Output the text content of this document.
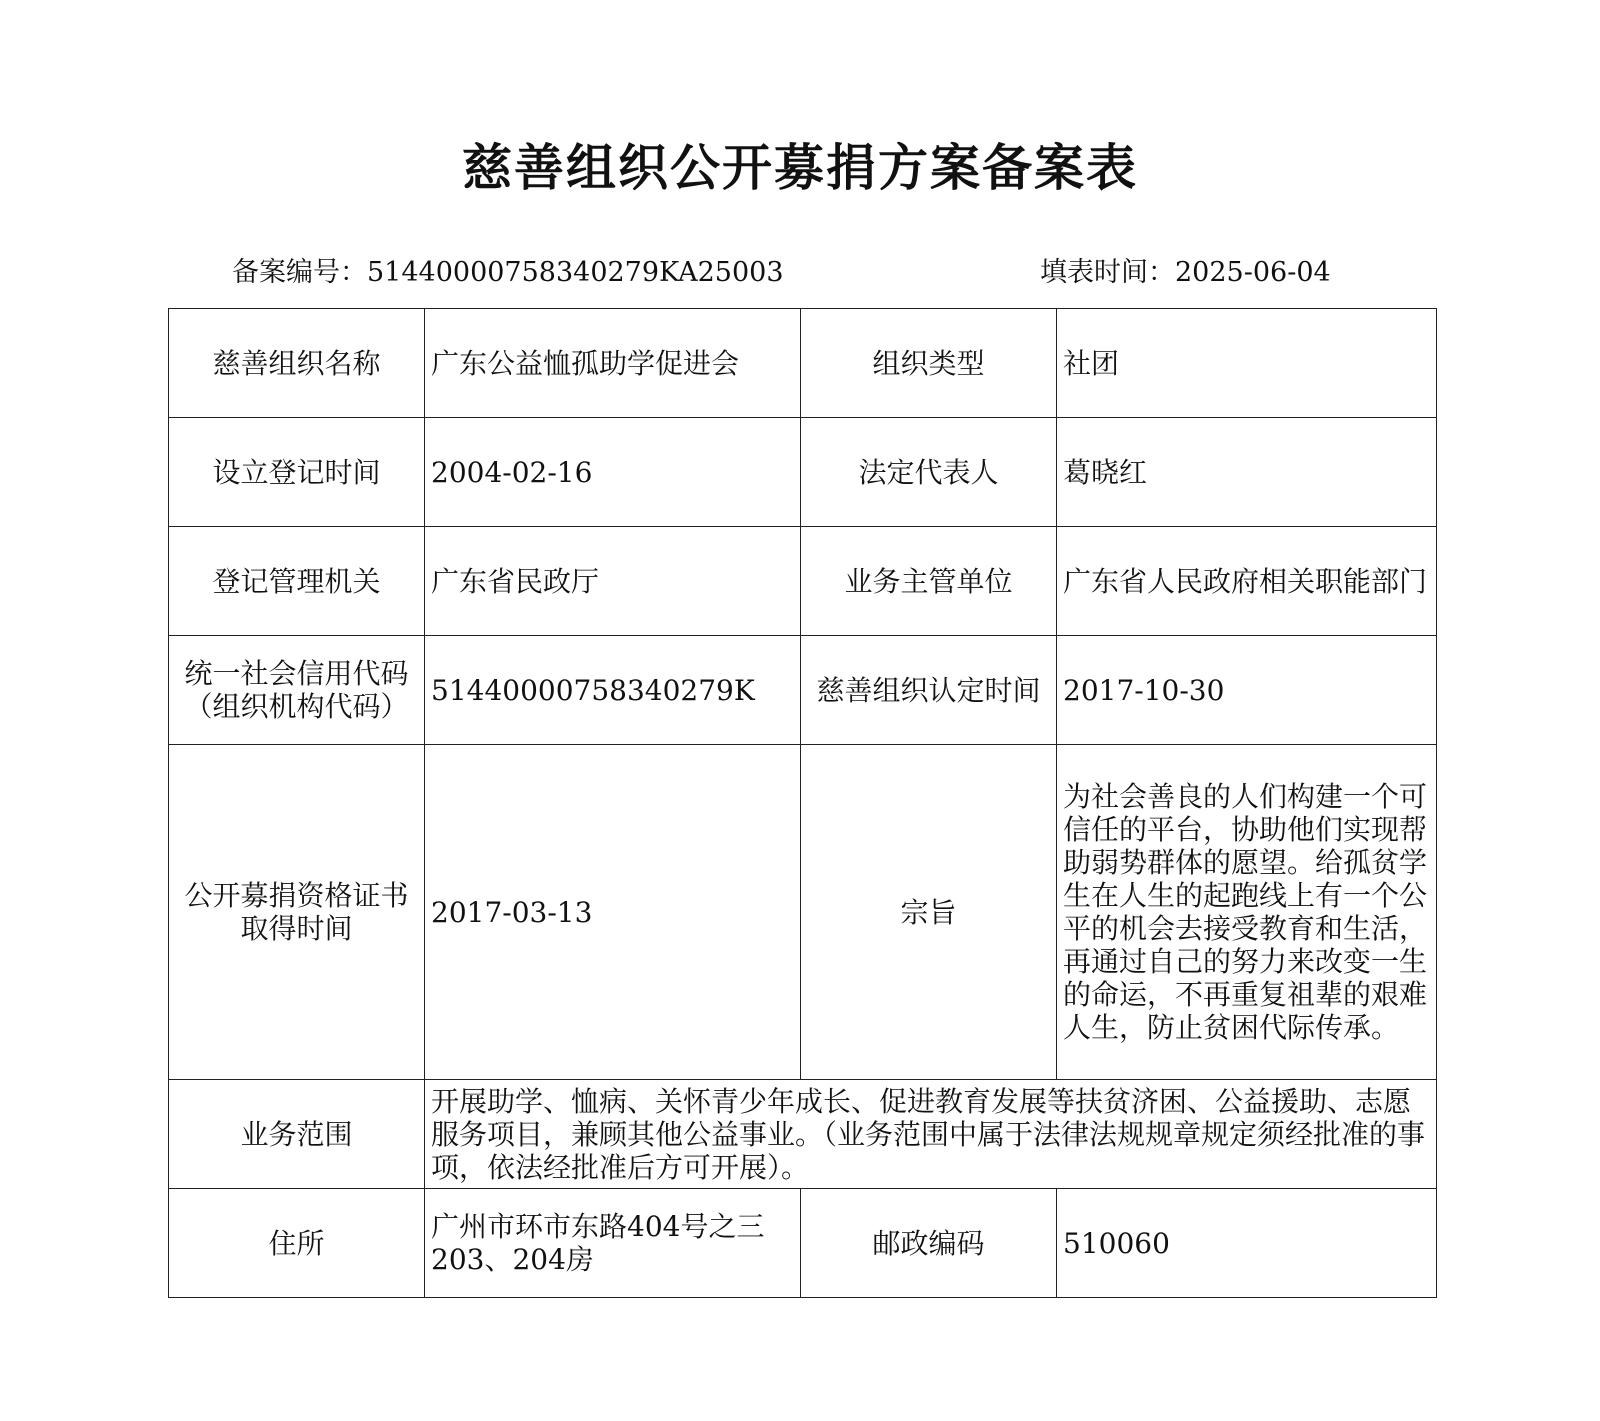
慈善组织公开募捐方案备案表
备案编号：51440000758340279KA25003	填表时间：2025-06-04
慈善组织名称	广东公益恤孤助学促进会	组织类型	社团
设立登记时间	2004-02-16	法定代表人	葛晓红
登记管理机关	广东省民政厅	业务主管单位	广东省人民政府相关职能部门
统一社会信用代码（组织机构代码）	51440000758340279K	慈善组织认定时间	2017-10-30
公开募捐资格证书取得时间	2017-03-13	宗旨	为社会善良的人们构建一个可信任的平台，协助他们实现帮助弱势群体的愿望。给孤贫学生在人生的起跑线上有一个公平的机会去接受教育和生活，再通过自己的努力来改变一生的命运，不再重复祖辈的艰难人生，防止贫困代际传承。
业务范围	开展助学、恤病、关怀青少年成长、促进教育发展等扶贫济困、公益援助、志愿服务项目，兼顾其他公益事业。（业务范围中属于法律法规规章规定须经批准的事项，依法经批准后方可开展）。		
住所	广州市环市东路404号之三 203、204房	邮政编码	510060
